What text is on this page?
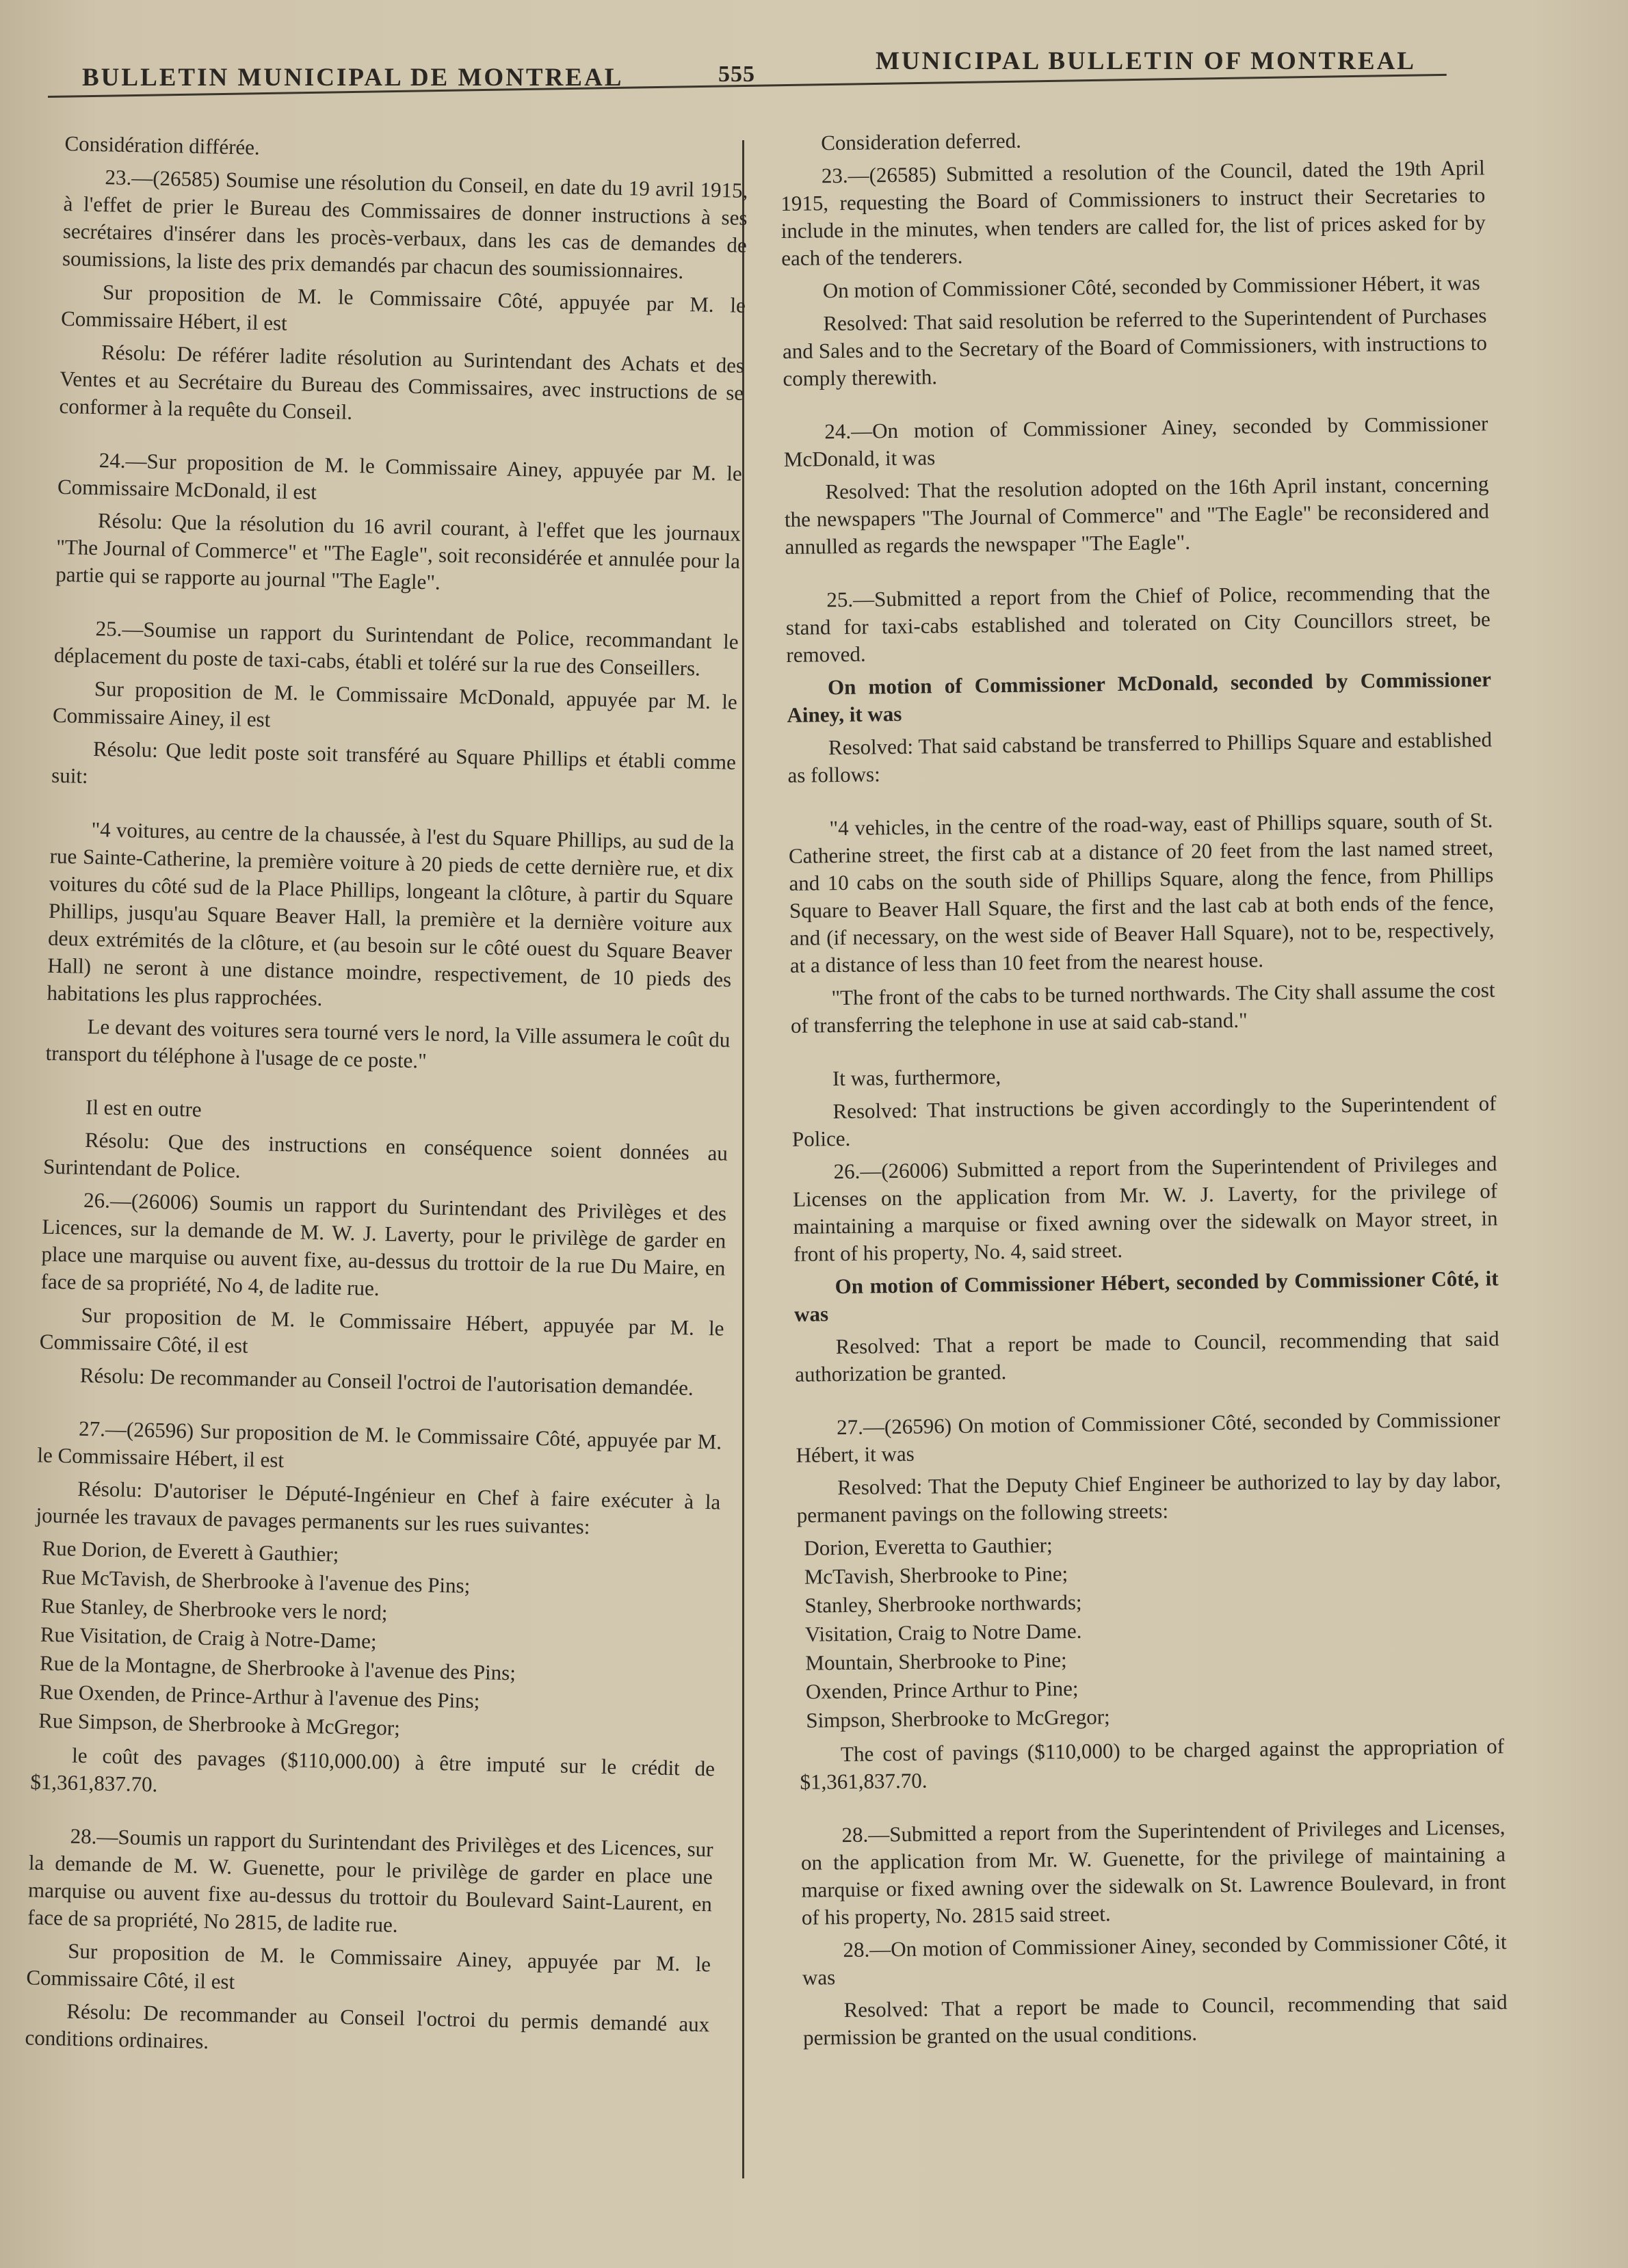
BULLETIN MUNICIPAL DE MONTREAL	555	MUNICIPAL BULLETIN OF MONTREAL

Considération différée.

23.—(26585) Soumise une résolution du Conseil, en date du 19 avril 1915, à l'effet de prier le Bureau des Commissaires de donner instructions à ses secrétaires d'insérer dans les procès-verbaux, dans les cas de demandes de soumissions, la liste des prix demandés par chacun des soumissionnaires.

Sur proposition de M. le Commissaire Côté, appuyée par M. le Commissaire Hébert, il est

Résolu: De référer ladite résolution au Surintendant des Achats et des Ventes et au Secrétaire du Bureau des Commissaires, avec instructions de se conformer à la requête du Conseil.

24.—Sur proposition de M. le Commissaire Ainey, appuyée par M. le Commissaire McDonald, il est

Résolu: Que la résolution du 16 avril courant, à l'effet que les journaux "The Journal of Commerce" et "The Eagle", soit reconsidérée et annulée pour la partie qui se rapporte au journal "The Eagle".

25.—Soumise un rapport du Surintendant de Police, recommandant le déplacement du poste de taxi-cabs, établi et toléré sur la rue des Conseillers.

Sur proposition de M. le Commissaire McDonald, appuyée par M. le Commissaire Ainey, il est

Résolu: Que ledit poste soit transféré au Square Phillips et établi comme suit:

"4 voitures, au centre de la chaussée, à l'est du Square Phillips, au sud de la rue Sainte-Catherine, la première voiture à 20 pieds de cette dernière rue, et dix voitures du côté sud de la Place Phillips, longeant la clôture, à partir du Square Phillips, jusqu'au Square Beaver Hall, la première et la dernière voiture aux deux extrémités de la clôture, et (au besoin sur le côté ouest du Square Beaver Hall) ne seront à une distance moindre, respectivement, de 10 pieds des habitations les plus rapprochées.

Le devant des voitures sera tourné vers le nord, la Ville assumera le coût du transport du téléphone à l'usage de ce poste."

Il est en outre

Résolu: Que des instructions en conséquence soient données au Surintendant de Police.

26.—(26006) Soumis un rapport du Surintendant des Privilèges et des Licences, sur la demande de M. W. J. Laverty, pour le privilège de garder en place une marquise ou auvent fixe, au-dessus du trottoir de la rue Du Maire, en face de sa propriété, No 4, de ladite rue.

Sur proposition de M. le Commissaire Hébert, appuyée par M. le Commissaire Côté, il est

Résolu: De recommander au Conseil l'octroi de l'autorisation demandée.

27.—(26596) Sur proposition de M. le Commissaire Côté, appuyée par M. le Commissaire Hébert, il est

Résolu: D'autoriser le Député-Ingénieur en Chef à faire exécuter à la journée les travaux de pavages permanents sur les rues suivantes:

Rue Dorion, de Everett à Gauthier;
Rue McTavish, de Sherbrooke à l'avenue des Pins;
Rue Stanley, de Sherbrooke vers le nord;
Rue Visitation, de Craig à Notre-Dame;
Rue de la Montagne, de Sherbrooke à l'avenue des Pins;
Rue Oxenden, de Prince-Arthur à l'avenue des Pins;
Rue Simpson, de Sherbrooke à McGregor;

le coût des pavages ($110,000.00) à être imputé sur le crédit de $1,361,837.70.

28.—Soumis un rapport du Surintendant des Privilèges et des Licences, sur la demande de M. W. Guenette, pour le privilège de garder en place une marquise ou auvent fixe au-dessus du trottoir du Boulevard Saint-Laurent, en face de sa propriété, No 2815, de ladite rue.

Sur proposition de M. le Commissaire Ainey, appuyée par M. le Commissaire Côté, il est

Résolu: De recommander au Conseil l'octroi du permis demandé aux conditions ordinaires.

Consideration deferred.

23.—(26585) Submitted a resolution of the Council, dated the 19th April 1915, requesting the Board of Commissioners to instruct their Secretaries to include in the minutes, when tenders are called for, the list of prices asked for by each of the tenderers.

On motion of Commissioner Côté, seconded by Commissioner Hébert, it was

Resolved: That said resolution be referred to the Superintendent of Purchases and Sales and to the Secretary of the Board of Commissioners, with instructions to comply therewith.

24.—On motion of Commissioner Ainey, seconded by Commissioner McDonald, it was

Resolved: That the resolution adopted on the 16th April instant, concerning the newspapers "The Journal of Commerce" and "The Eagle" be reconsidered and annulled as regards the newspaper "The Eagle".

25.—Submitted a report from the Chief of Police, recommending that the stand for taxi-cabs established and tolerated on City Councillors street, be removed.

On motion of Commissioner McDonald, seconded by Commissioner Ainey, it was

Resolved: That said cabstand be transferred to Phillips Square and established as follows:

"4 vehicles, in the centre of the road-way, east of Phillips square, south of St. Catherine street, the first cab at a distance of 20 feet from the last named street, and 10 cabs on the south side of Phillips Square, along the fence, from Phillips Square to Beaver Hall Square, the first and the last cab at both ends of the fence, and (if necessary, on the west side of Beaver Hall Square), not to be, respectively, at a distance of less than 10 feet from the nearest house.

"The front of the cabs to be turned northwards. The City shall assume the cost of transferring the telephone in use at said cab-stand."

It was, furthermore,

Resolved: That instructions be given accordingly to the Superintendent of Police.

26.—(26006) Submitted a report from the Superintendent of Privileges and Licenses on the application from Mr. W. J. Laverty, for the privilege of maintaining a marquise or fixed awning over the sidewalk on Mayor street, in front of his property, No. 4, said street.

On motion of Commissioner Hébert, seconded by Commissioner Côté, it was

Resolved: That a report be made to Council, recommending that said authorization be granted.

27.—(26596) On motion of Commissioner Côté, seconded by Commissioner Hébert, it was

Resolved: That the Deputy Chief Engineer be authorized to lay by day labor, permanent pavings on the following streets:

Dorion, Everetta to Gauthier;
McTavish, Sherbrooke to Pine;
Stanley, Sherbrooke northwards;
Visitation, Craig to Notre Dame.
Mountain, Sherbrooke to Pine;
Oxenden, Prince Arthur to Pine;
Simpson, Sherbrooke to McGregor;

The cost of pavings ($110,000) to be charged against the appropriation of $1,361,837.70.

28.—Submitted a report from the Superintendent of Privileges and Licenses, on the application from Mr. W. Guenette, for the privilege of maintaining a marquise or fixed awning over the sidewalk on St. Lawrence Boulevard, in front of his property, No. 2815 said street.

28.—On motion of Commissioner Ainey, seconded by Commissioner Côté, it was

Resolved: That a report be made to Council, recommending that said permission be granted on the usual conditions.
